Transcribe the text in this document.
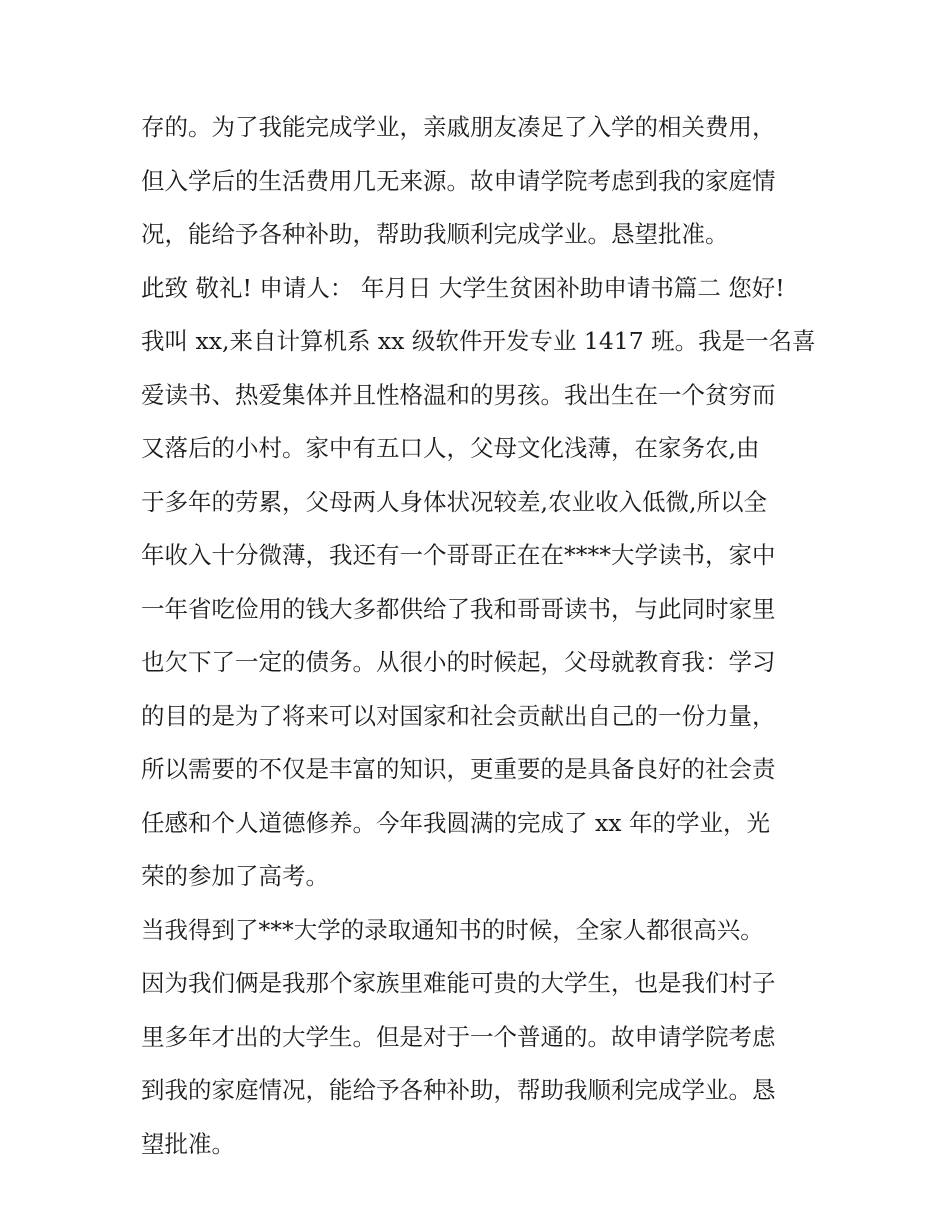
存的。为了我能完成学业，亲戚朋友凑足了入学的相关费用，
但入学后的生活费用几无来源。故申请学院考虑到我的家庭情
况，能给予各种补助，帮助我顺利完成学业。恳望批准。
此致 敬礼! 申请人： 年月日 大学生贫困补助申请书篇二 您好!
我叫 xx,来自计算机系 xx 级软件开发专业 1417 班。我是一名喜
爱读书、热爱集体并且性格温和的男孩。我出生在一个贫穷而
又落后的小村。家中有五口人，父母文化浅薄，在家务农,由
于多年的劳累，父母两人身体状况较差,农业收入低微,所以全
年收入十分微薄，我还有一个哥哥正在在****大学读书，家中
一年省吃俭用的钱大多都供给了我和哥哥读书，与此同时家里
也欠下了一定的债务。从很小的时候起，父母就教育我：学习
的目的是为了将来可以对国家和社会贡献出自己的一份力量，
所以需要的不仅是丰富的知识，更重要的是具备良好的社会责
任感和个人道德修养。今年我圆满的完成了 xx 年的学业，光
荣的参加了高考。
当我得到了***大学的录取通知书的时候，全家人都很高兴。
因为我们俩是我那个家族里难能可贵的大学生，也是我们村子
里多年才出的大学生。但是对于一个普通的。故申请学院考虑
到我的家庭情况，能给予各种补助，帮助我顺利完成学业。恳
望批准。
